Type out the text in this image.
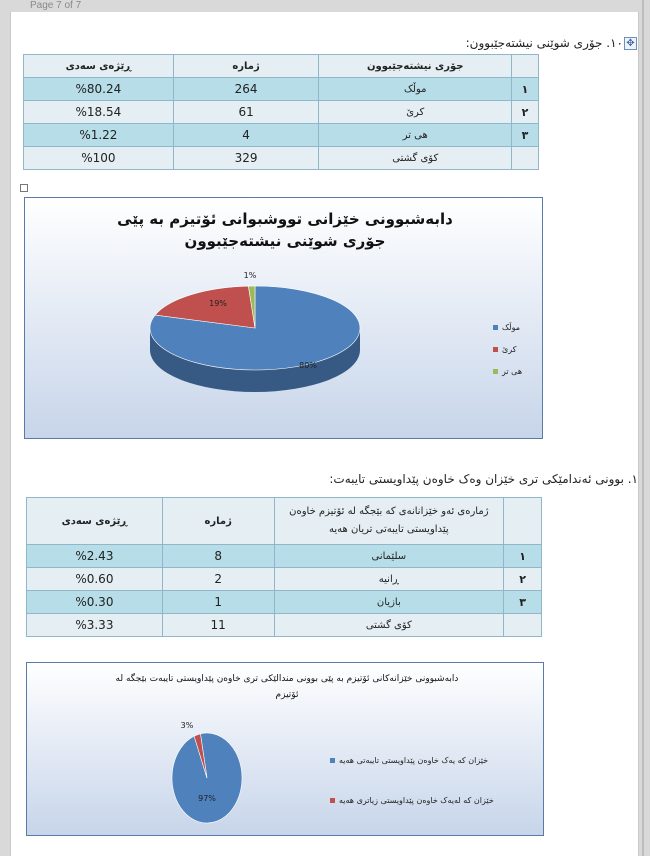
Page 7 of 7
✥١٠. جۆری شوێنی نیشتەجێبوون:
	جۆری نیشتەجێبوون	ژمارە	ڕێژەی سەدی
١	موڵک	264	%80.24
٢	کرێ	61	%18.54
٣	هی تر	4	%1.22
	کۆی گشتی	329	%100
دابەشبوونی خێزانی تووشبوانی ئۆتیزم بە پێی جۆری شوێنی نیشتەجێبوون
80%
19%
1%
موڵک
کرێ
هی تر
١. بوونی ئەندامێکی تری خێزان وەک خاوەن پێداویستی تایبەت:
	ژمارەی ئەو خێزانانەی کە بێجگە لە ئۆتیزم خاوەن پێداویستی تایبەتی تریان هەیە	ژمارە	ڕێژەی سەدی
١	سلێمانی	8	%2.43
٢	ڕانیە	2	%0.60
٣	بازیان	1	%0.30
	کۆی گشتی	11	%3.33
دابەشبوونی خێزانەکانی ئۆتیزم بە پێی بوونی مندالێکی تری خاوەن پێداویستی تایبەت بێجگە لە ئۆتیزم
97%
3%
خێزان کە یەک خاوەن پێداویستی تایبەتی هەیە
خێزان کە لەیەک خاوەن پێداویستی زیاتری هەیە
